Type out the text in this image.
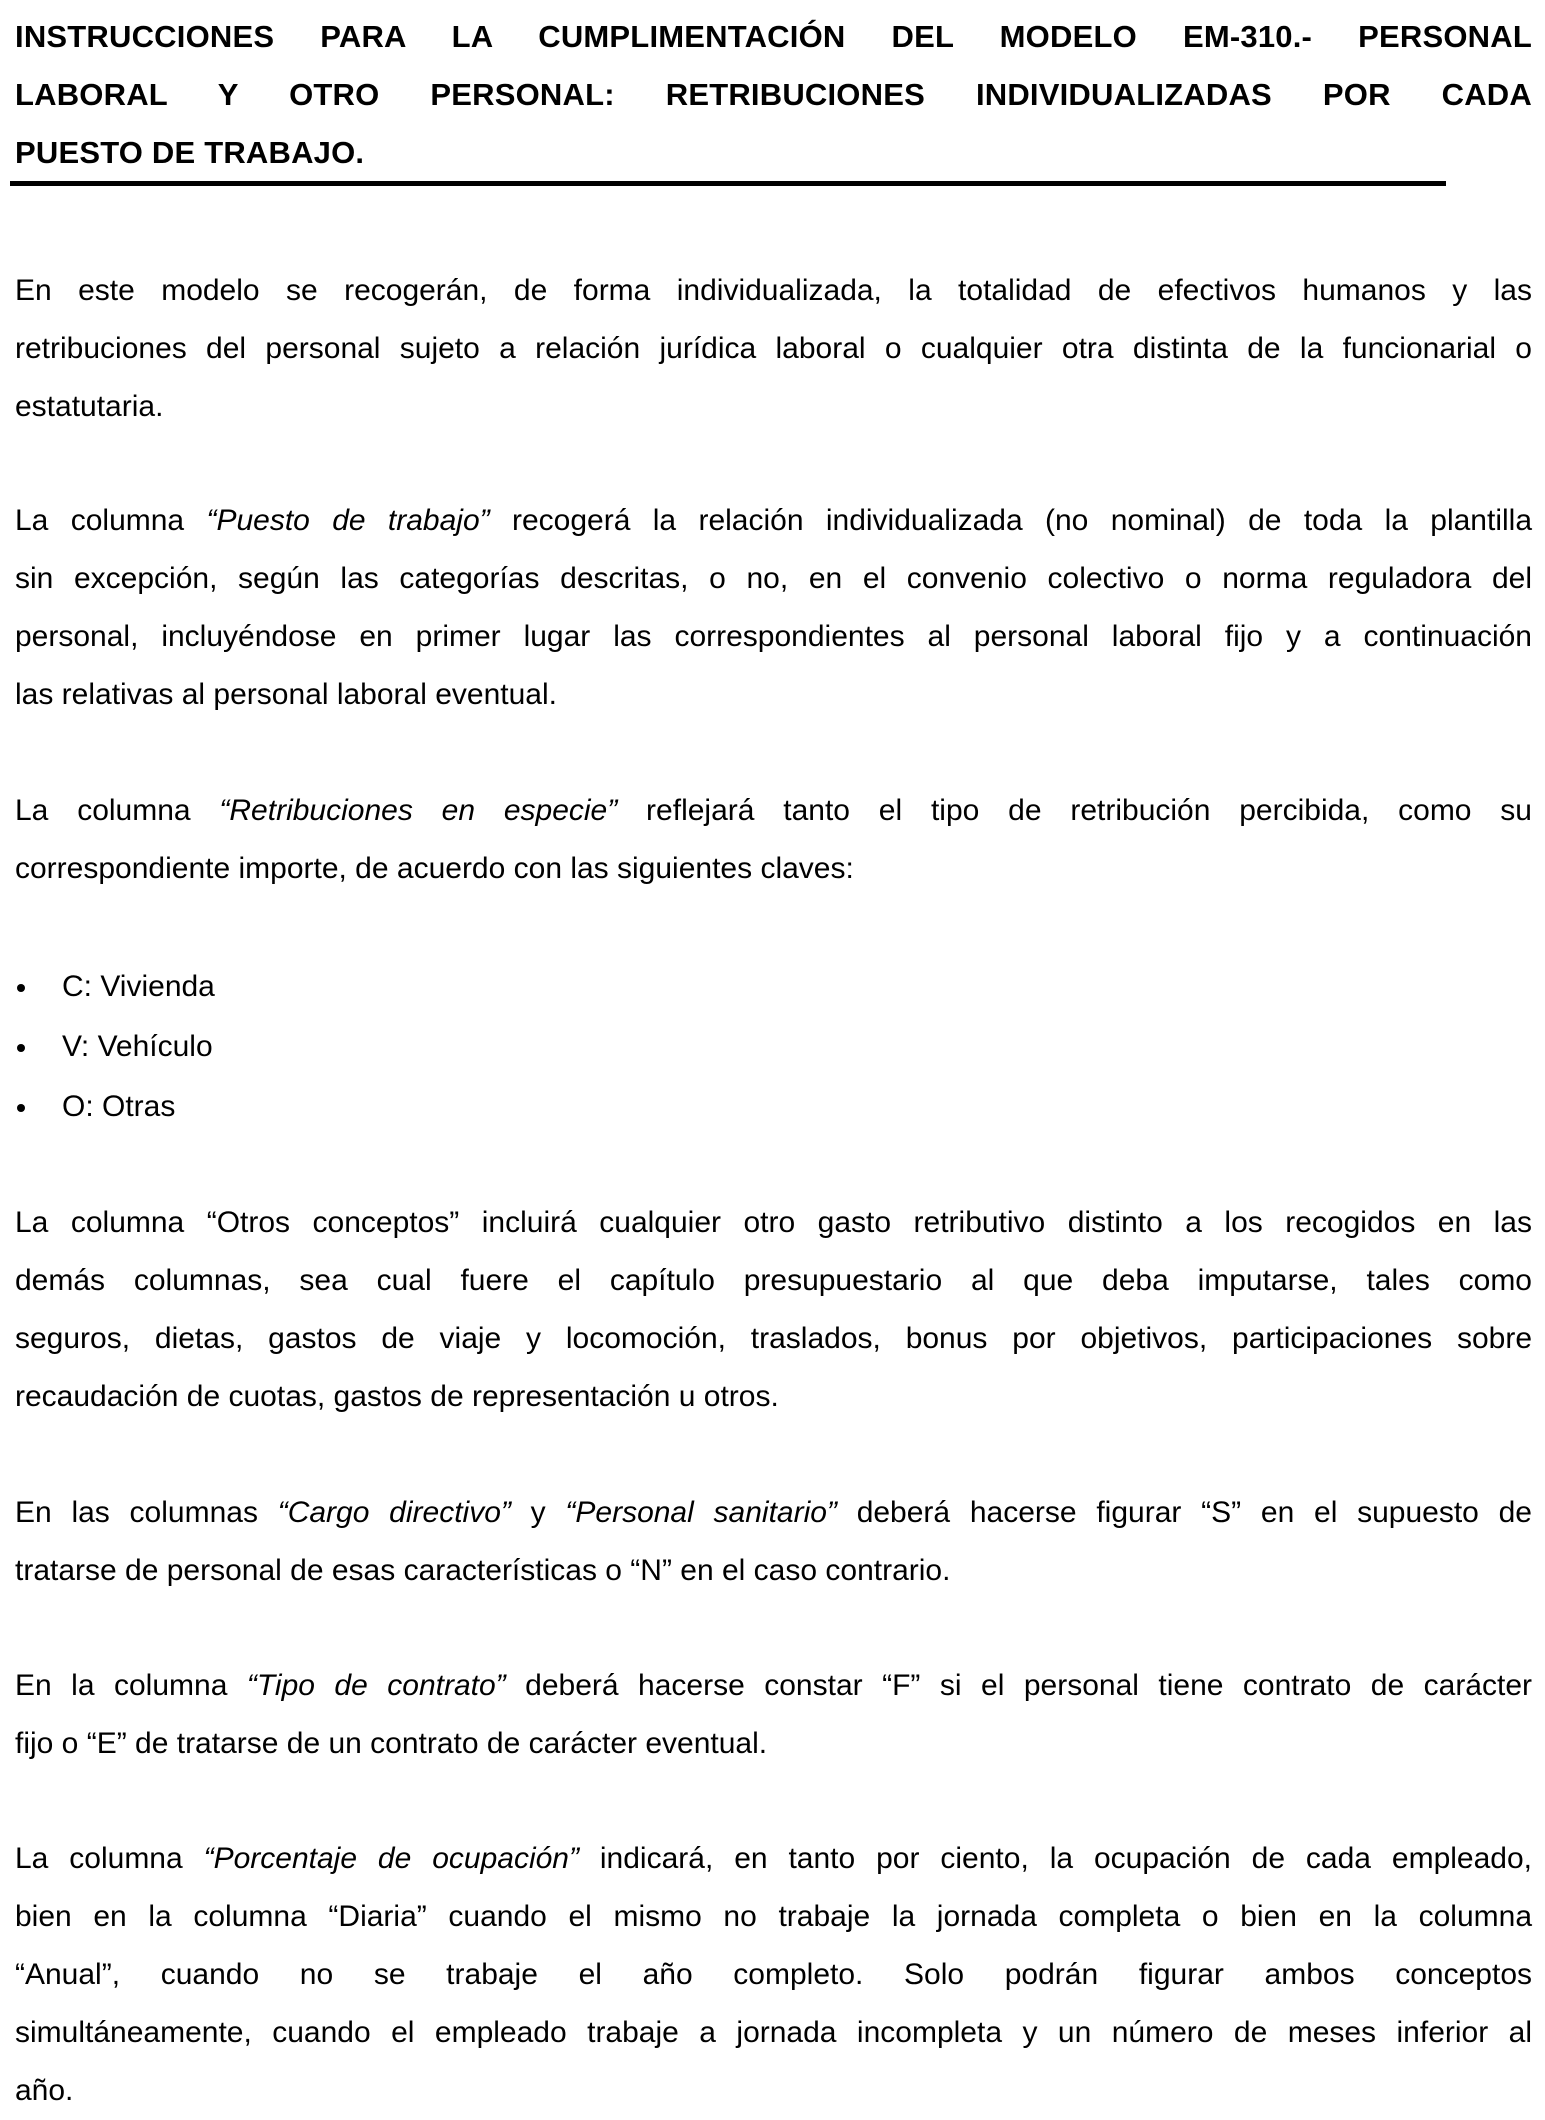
INSTRUCCIONES PARA LA CUMPLIMENTACIÓN DEL MODELO EM-310.- PERSONAL
LABORAL Y OTRO PERSONAL: RETRIBUCIONES INDIVIDUALIZADAS POR CADA
PUESTO DE TRABAJO.

En este modelo se recogerán, de forma individualizada, la totalidad de efectivos humanos y las
retribuciones del personal sujeto a relación jurídica laboral o cualquier otra distinta de la funcionarial o
estatutaria.

La columna “Puesto de trabajo” recogerá la relación individualizada (no nominal) de toda la plantilla
sin excepción, según las categorías descritas, o no, en el convenio colectivo o norma reguladora del
personal, incluyéndose en primer lugar las correspondientes al personal laboral fijo y a continuación
las relativas al personal laboral eventual.

La columna “Retribuciones en especie” reflejará tanto el tipo de retribución percibida, como su
correspondiente importe, de acuerdo con las siguientes claves:

C: Vivienda
V: Vehículo
O: Otras

La columna “Otros conceptos” incluirá cualquier otro gasto retributivo distinto a los recogidos en las
demás columnas, sea cual fuere el capítulo presupuestario al que deba imputarse, tales como
seguros, dietas, gastos de viaje y locomoción, traslados, bonus por objetivos, participaciones sobre
recaudación de cuotas, gastos de representación u otros.

En las columnas “Cargo directivo” y “Personal sanitario” deberá hacerse figurar “S” en el supuesto de
tratarse de personal de esas características o “N” en el caso contrario.

En la columna “Tipo de contrato” deberá hacerse constar “F” si el personal tiene contrato de carácter
fijo o “E” de tratarse de un contrato de carácter eventual.

La columna “Porcentaje de ocupación” indicará, en tanto por ciento, la ocupación de cada empleado,
bien en la columna “Diaria” cuando el mismo no trabaje la jornada completa o bien en la columna
“Anual”, cuando no se trabaje el año completo. Solo podrán figurar ambos conceptos
simultáneamente, cuando el empleado trabaje a jornada incompleta y un número de meses inferior al
año.
